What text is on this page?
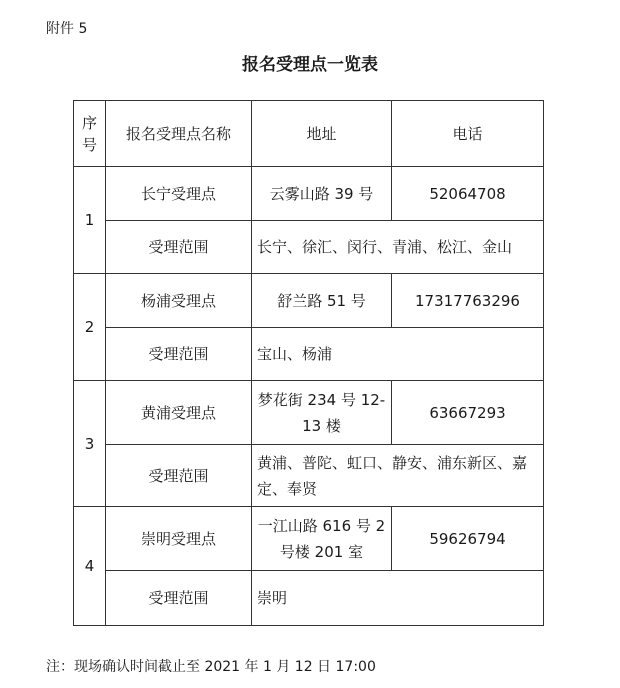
附件 5
报名受理点一览表
序号	报名受理点名称	地址	电话
1	长宁受理点	云雾山路 39 号	52064708
	受理范围	长宁、徐汇、闵行、青浦、松江、金山	
2	杨浦受理点	舒兰路 51 号	17317763296
	受理范围	宝山、杨浦	
3	黄浦受理点	梦花街 234 号 12-13 楼	63667293
	受理范围	黄浦、普陀、虹口、静安、浦东新区、嘉定、奉贤	
4	崇明受理点	一江山路 616 号 2 号楼 201 室	59626794
	受理范围	崇明	
注：现场确认时间截止至 2021 年 1 月 12 日 17:00
